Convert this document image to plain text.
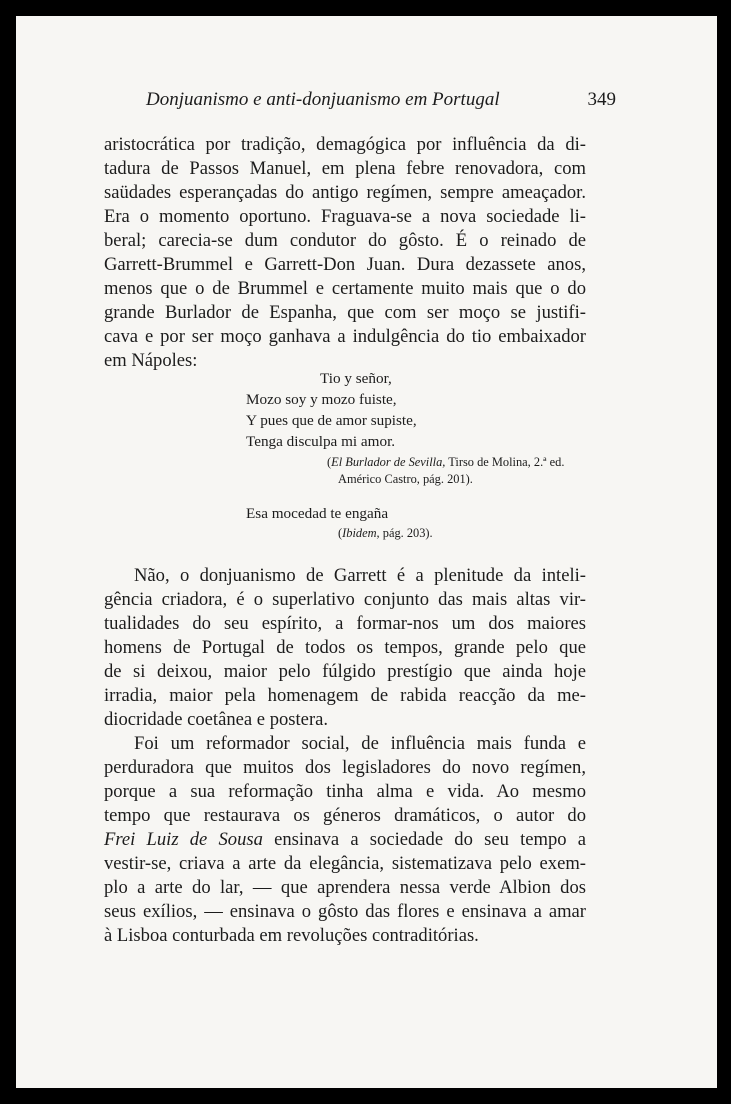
Donjuanismo e anti-donjuanismo em Portugal	349
aristocrática por tradição, demagógica por influência da di-
tadura de Passos Manuel, em plena febre renovadora, com
saüdades esperançadas do antigo regímen, sempre ameaçador.
Era o momento oportuno. Fraguava-se a nova sociedade li-
beral; carecia-se dum condutor do gôsto. É o reinado de
Garrett-Brummel e Garrett-Don Juan. Dura dezassete anos,
menos que o de Brummel e certamente muito mais que o do
grande Burlador de Espanha, que com ser moço se justifi-
cava e por ser moço ganhava a indulgência do tio embaixador
em Nápoles:
Tio y señor,
Mozo soy y mozo fuiste,
Y pues que de amor supiste,
Tenga disculpa mi amor.
(El Burlador de Sevilla, Tirso de Molina, 2.ª ed.
Américo Castro, pág. 201).
Esa mocedad te engaña
(Ibidem, pág. 203).
Não, o donjuanismo de Garrett é a plenitude da inteli-
gência criadora, é o superlativo conjunto das mais altas vir-
tualidades do seu espírito, a formar-nos um dos maiores
homens de Portugal de todos os tempos, grande pelo que
de si deixou, maior pelo fúlgido prestígio que ainda hoje
irradia, maior pela homenagem de rabida reacção da me-
diocridade coetânea e postera.
Foi um reformador social, de influência mais funda e
perduradora que muitos dos legisladores do novo regímen,
porque a sua reformação tinha alma e vida. Ao mesmo
tempo que restaurava os géneros dramáticos, o autor do
Frei Luiz de Sousa ensinava a sociedade do seu tempo a
vestir-se, criava a arte da elegância, sistematizava pelo exem-
plo a arte do lar, — que aprendera nessa verde Albion dos
seus exílios, — ensinava o gôsto das flores e ensinava a amar
à Lisboa conturbada em revoluções contraditórias.
